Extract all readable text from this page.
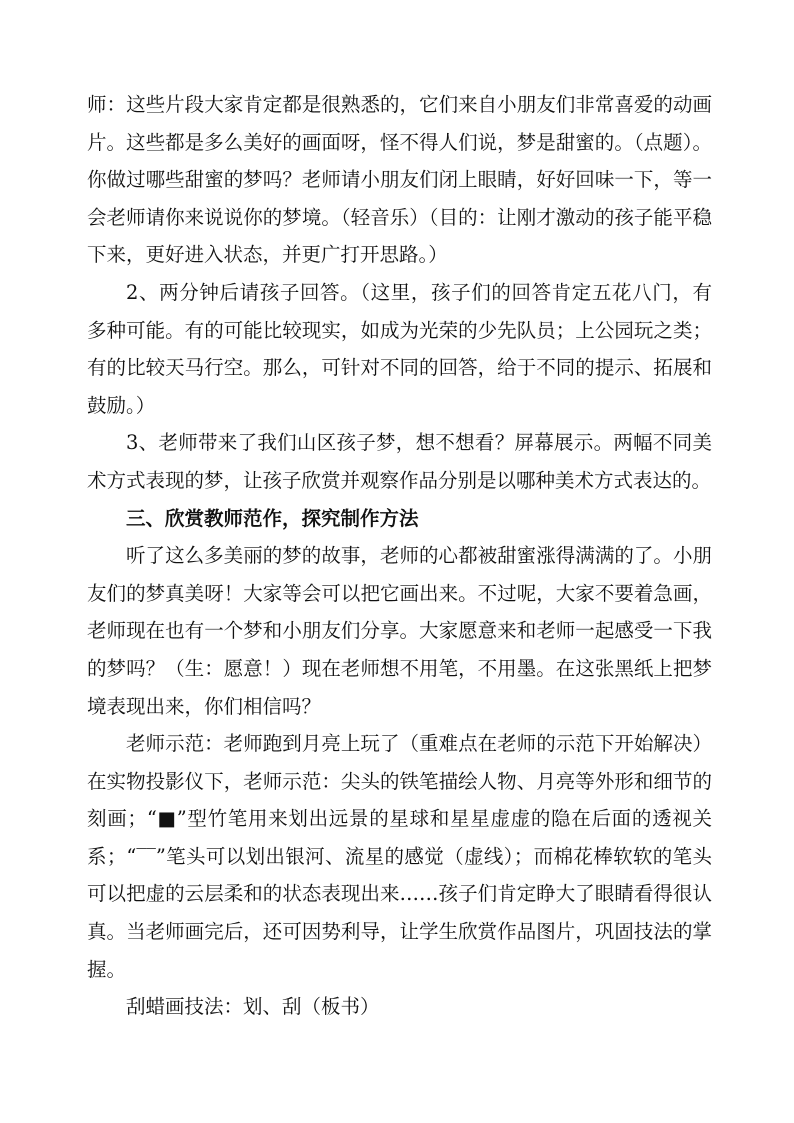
师：这些片段大家肯定都是很熟悉的，它们来自小朋友们非常喜爱的动画片。这些都是多么美好的画面呀，怪不得人们说，梦是甜蜜的。（点题）。你做过哪些甜蜜的梦吗？老师请小朋友们闭上眼睛，好好回味一下，等一会老师请你来说说你的梦境。（轻音乐）（目的：让刚才激动的孩子能平稳下来，更好进入状态，并更广打开思路。）

2、两分钟后请孩子回答。（这里，孩子们的回答肯定五花八门，有多种可能。有的可能比较现实，如成为光荣的少先队员；上公园玩之类；有的比较天马行空。那么，可针对不同的回答，给于不同的提示、拓展和鼓励。）

3、老师带来了我们山区孩子梦，想不想看？屏幕展示。两幅不同美术方式表现的梦，让孩子欣赏并观察作品分别是以哪种美术方式表达的。

三、欣赏教师范作，探究制作方法

听了这么多美丽的梦的故事，老师的心都被甜蜜涨得满满的了。小朋友们的梦真美呀！大家等会可以把它画出来。不过呢，大家不要着急画，老师现在也有一个梦和小朋友们分享。大家愿意来和老师一起感受一下我的梦吗？（生：愿意！）现在老师想不用笔，不用墨。在这张黑纸上把梦境表现出来，你们相信吗？

老师示范：老师跑到月亮上玩了（重难点在老师的示范下开始解决）在实物投影仪下，老师示范：尖头的铁笔描绘人物、月亮等外形和细节的刻画；“■”型竹笔用来划出远景的星球和星星虚虚的隐在后面的透视关系；“‾‾”笔头可以划出银河、流星的感觉（虚线）；而棉花棒软软的笔头可以把虚的云层柔和的状态表现出来……孩子们肯定睁大了眼睛看得很认真。当老师画完后，还可因势利导，让学生欣赏作品图片，巩固技法的掌握。

刮蜡画技法：划、刮（板书）
